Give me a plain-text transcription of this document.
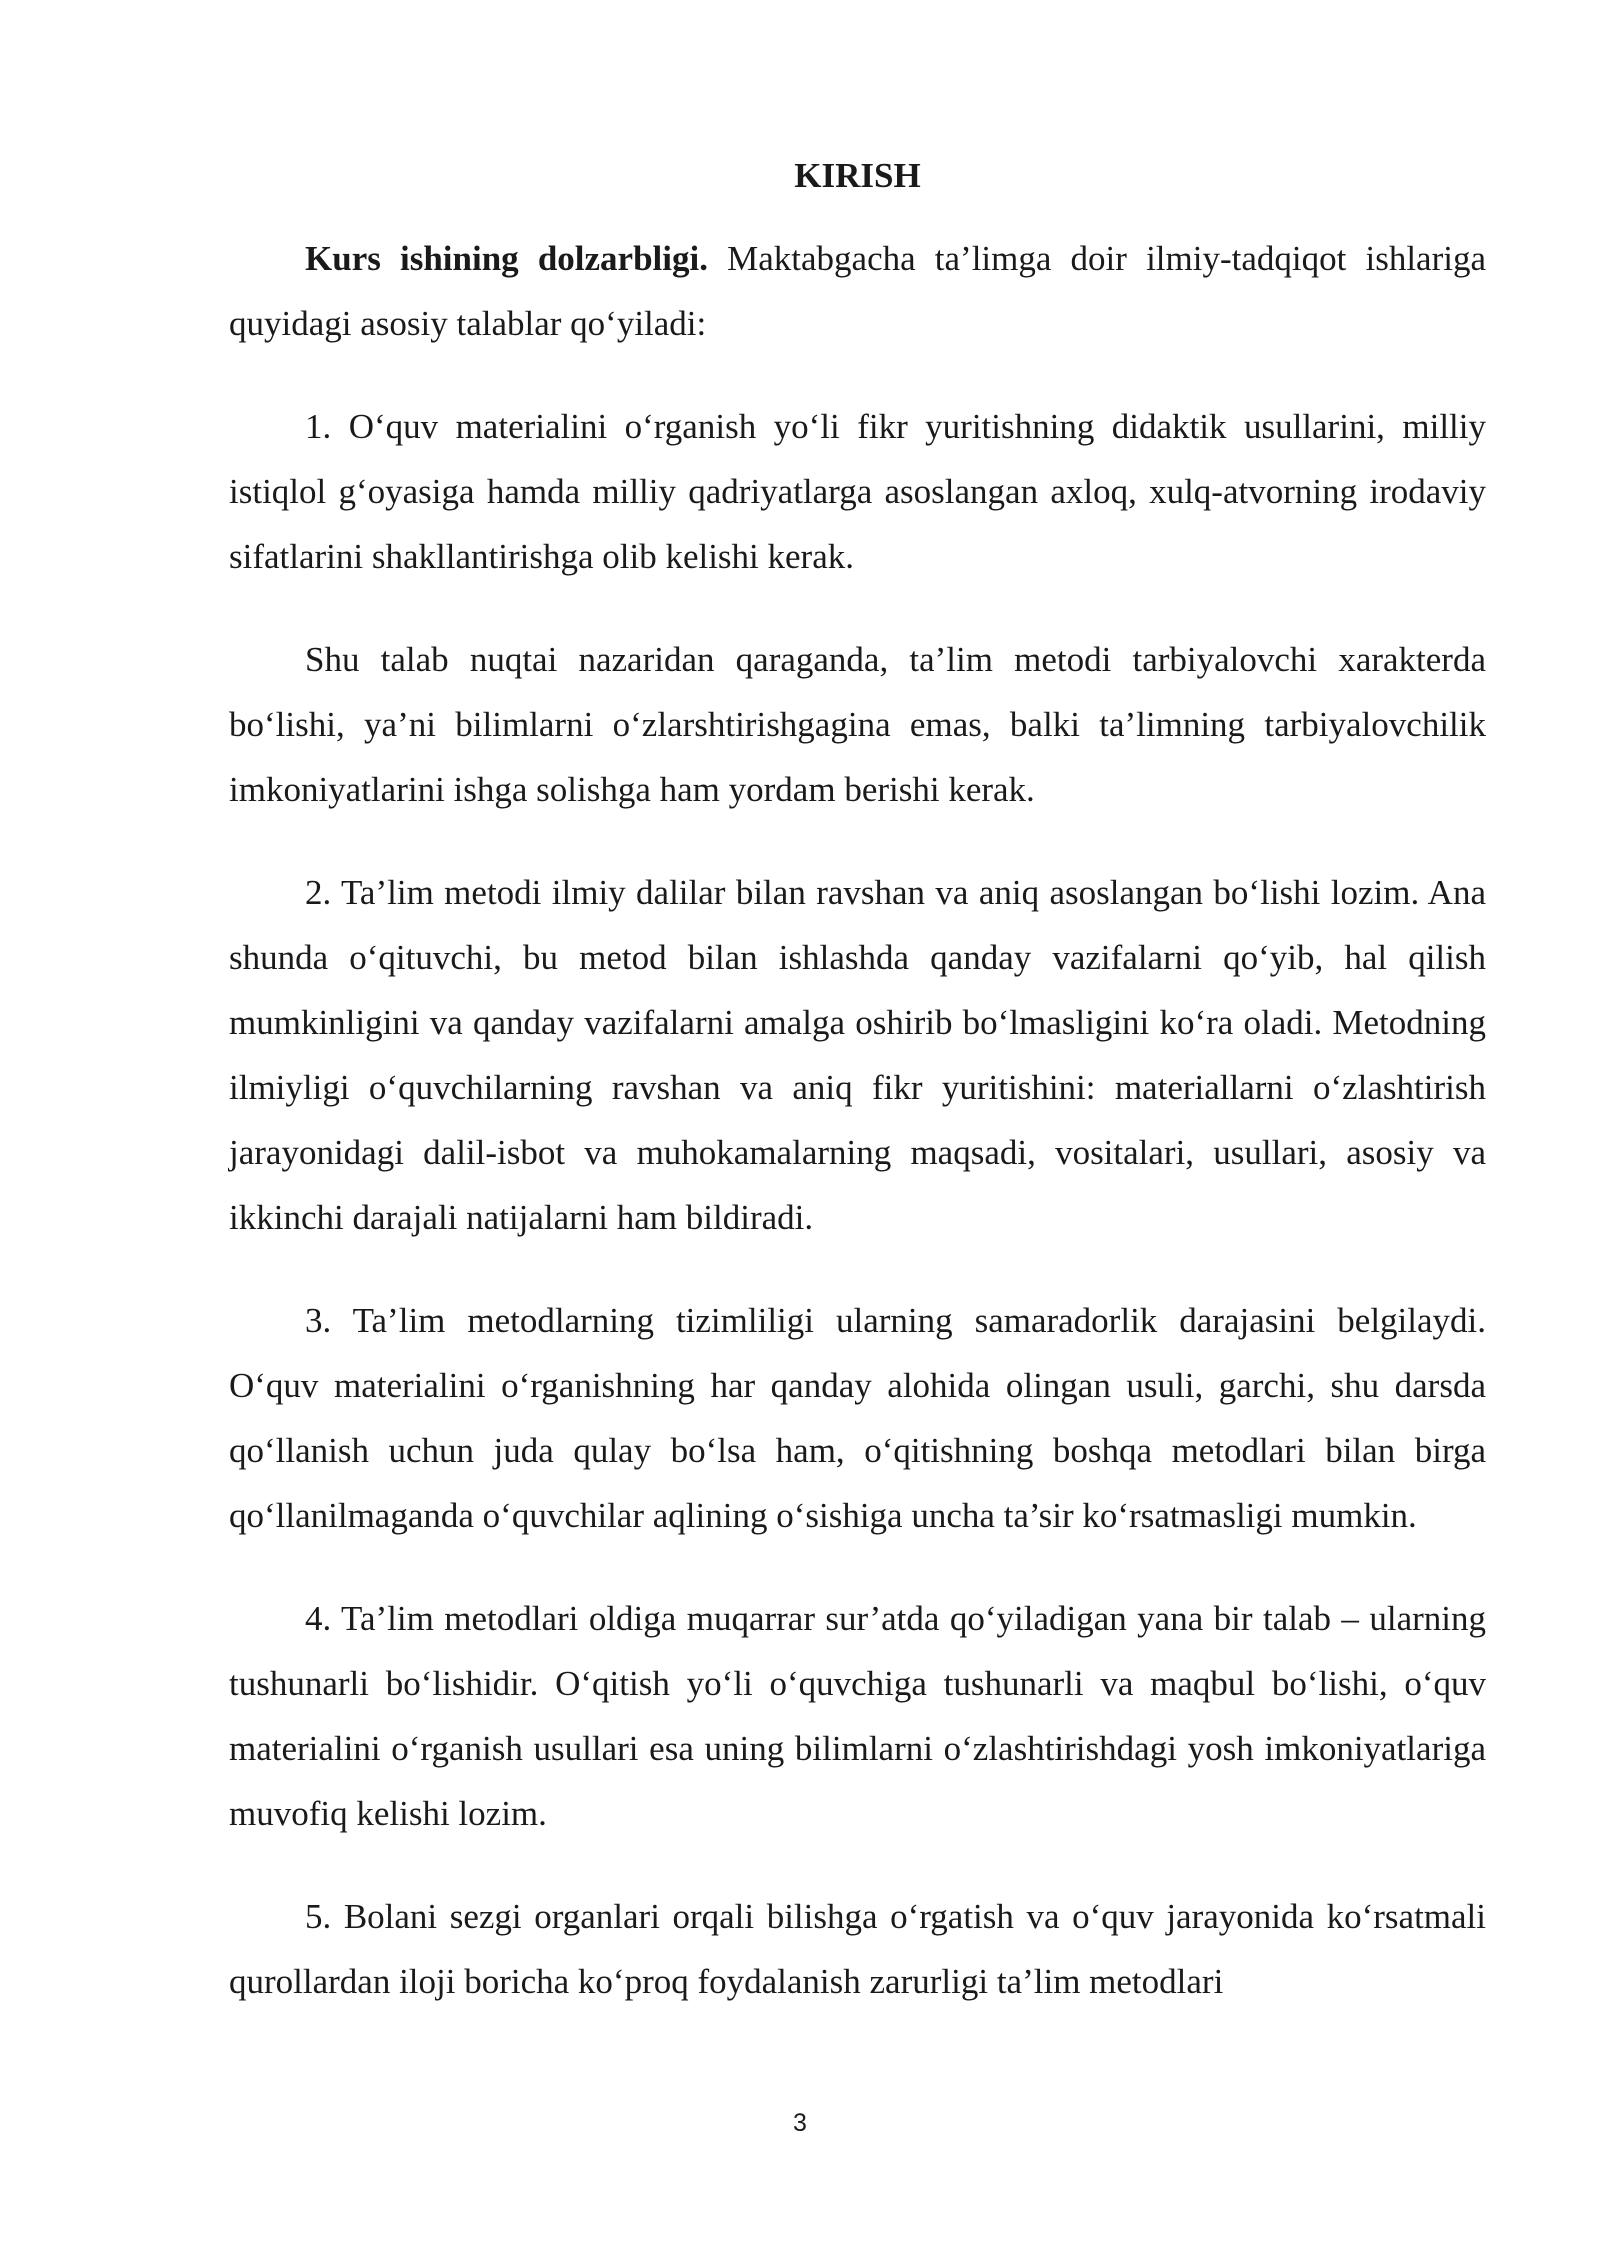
KIRISH

Kurs ishining dolzarbligi. Maktabgacha ta’limga doir ilmiy-tadqiqot ishlariga quyidagi asosiy talablar qo‘yiladi:

1. O‘quv materialini o‘rganish yo‘li fikr yuritishning didaktik usullarini, milliy istiqlol g‘oyasiga hamda milliy qadriyatlarga asoslangan axloq, xulq-atvorning irodaviy sifatlarini shakllantirishga olib kelishi kerak.

Shu talab nuqtai nazaridan qaraganda, ta’lim metodi tarbiyalovchi xarakterda bo‘lishi, ya’ni bilimlarni o‘zlarshtirishgagina emas, balki ta’limning tarbiyalovchilik imkoniyatlarini ishga solishga ham yordam berishi kerak.

2. Ta’lim metodi ilmiy dalilar bilan ravshan va aniq asoslangan bo‘lishi lozim. Ana shunda o‘qituvchi, bu metod bilan ishlashda qanday vazifalarni qo‘yib, hal qilish mumkinligini va qanday vazifalarni amalga oshirib bo‘lmasligini ko‘ra oladi. Metodning ilmiyligi o‘quvchilarning ravshan va aniq fikr yuritishini: materiallarni o‘zlashtirish jarayonidagi dalil-isbot va muhokamalarning maqsadi, vositalari, usullari, asosiy va ikkinchi darajali natijalarni ham bildiradi.

3. Ta’lim metodlarning tizimliligi ularning samaradorlik darajasini belgilaydi. O‘quv materialini o‘rganishning har qanday alohida olingan usuli, garchi, shu darsda qo‘llanish uchun juda qulay bo‘lsa ham, o‘qitishning boshqa metodlari bilan birga qo‘llanilmaganda o‘quvchilar aqlining o‘sishiga uncha ta’sir ko‘rsatmasligi mumkin.

4. Ta’lim metodlari oldiga muqarrar sur’atda qo‘yiladigan yana bir talab – ularning tushunarli bo‘lishidir. O‘qitish yo‘li o‘quvchiga tushunarli va maqbul bo‘lishi, o‘quv materialini o‘rganish usullari esa uning bilimlarni o‘zlashtirishdagi yosh imkoniyatlariga muvofiq kelishi lozim.

5. Bolani sezgi organlari orqali bilishga o‘rgatish va o‘quv jarayonida ko‘rsatmali qurollardan iloji boricha ko‘proq foydalanish zarurligi ta’lim metodlari

3
